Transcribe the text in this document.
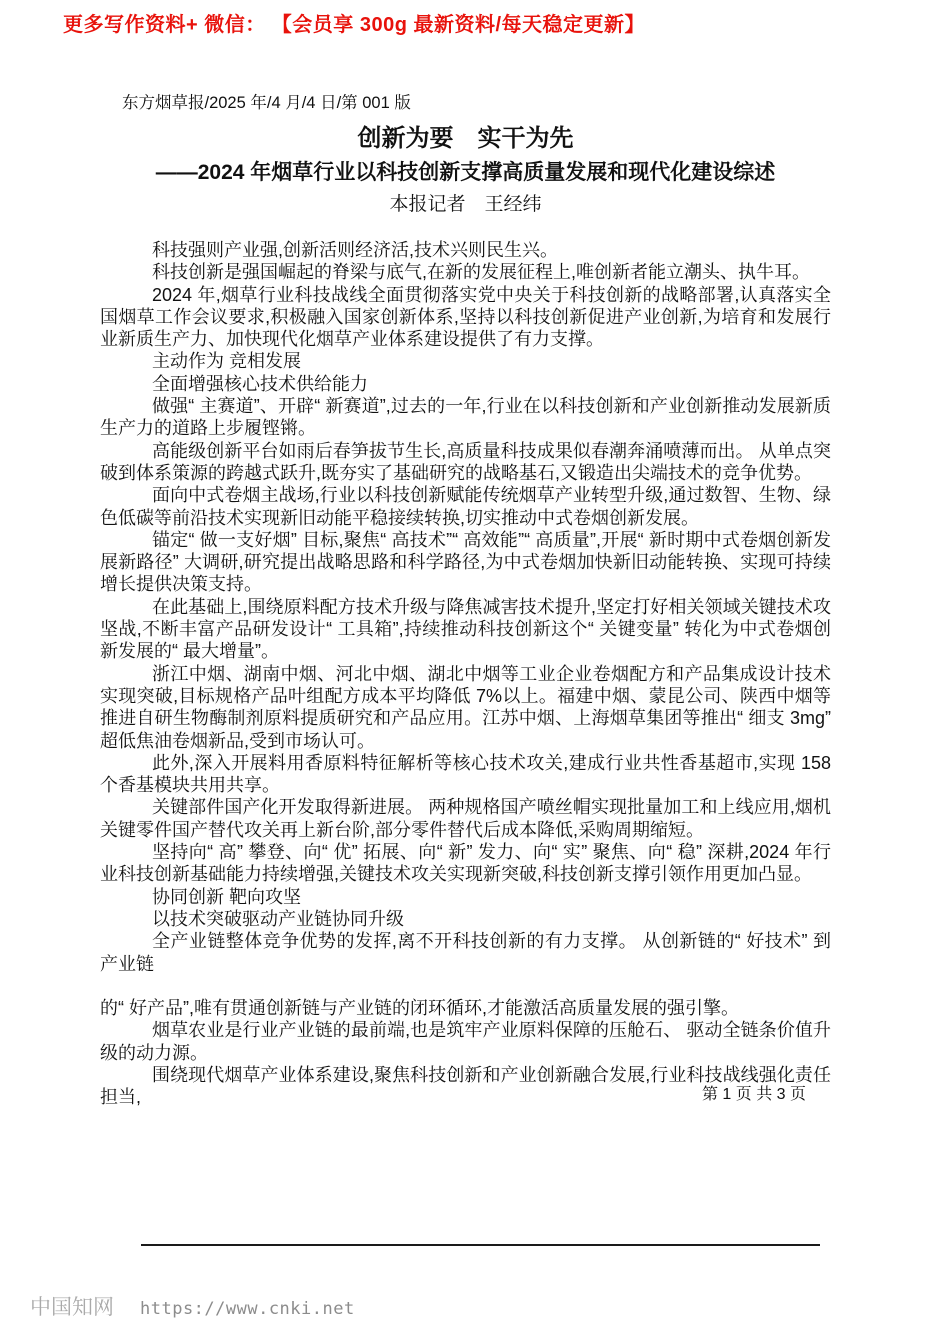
更多写作资料+ 微信： 【会员享 300g 最新资料/每天稳定更新】
东方烟草报/2025 年/4 月/4 日/第 001 版
创新为要　实干为先
——2024 年烟草行业以科技创新支撑高质量发展和现代化建设综述
本报记者　王经纬

科技强则产业强,创新活则经济活,技术兴则民生兴。

科技创新是强国崛起的脊梁与底气,在新的发展征程上,唯创新者能立潮头、执牛耳。

2024 年,烟草行业科技战线全面贯彻落实党中央关于科技创新的战略部署,认真落实全国烟草工作会议要求,积极融入国家创新体系,坚持以科技创新促进产业创新,为培育和发展行业新质生产力、加快现代化烟草产业体系建设提供了有力支撑。

主动作为 竞相发展

全面增强核心技术供给能力

做强“ 主赛道”、开辟“ 新赛道”,过去的一年,行业在以科技创新和产业创新推动发展新质生产力的道路上步履铿锵。

高能级创新平台如雨后春笋拔节生长,高质量科技成果似春潮奔涌喷薄而出。 从单点突破到体系策源的跨越式跃升,既夯实了基础研究的战略基石,又锻造出尖端技术的竞争优势。

面向中式卷烟主战场,行业以科技创新赋能传统烟草产业转型升级,通过数智、生物、绿色低碳等前沿技术实现新旧动能平稳接续转换,切实推动中式卷烟创新发展。

锚定“ 做一支好烟” 目标,聚焦“ 高技术”“ 高效能”“ 高质量”,开展“ 新时期中式卷烟创新发展新路径” 大调研,研究提出战略思路和科学路径,为中式卷烟加快新旧动能转换、实现可持续增长提供决策支持。

在此基础上,围绕原料配方技术升级与降焦减害技术提升,坚定打好相关领域关键技术攻坚战,不断丰富产品研发设计“ 工具箱”,持续推动科技创新这个“ 关键变量” 转化为中式卷烟创新发展的“ 最大增量”。

浙江中烟、湖南中烟、河北中烟、湖北中烟等工业企业卷烟配方和产品集成设计技术实现突破,目标规格产品叶组配方成本平均降低 7%以上。福建中烟、蒙昆公司、陕西中烟等推进自研生物酶制剂原料提质研究和产品应用。江苏中烟、上海烟草集团等推出“ 细支 3mg” 超低焦油卷烟新品,受到市场认可。

此外,深入开展料用香原料特征解析等核心技术攻关,建成行业共性香基超市,实现 158 个香基模块共用共享。

关键部件国产化开发取得新进展。 两种规格国产喷丝帽实现批量加工和上线应用,烟机关键零件国产替代攻关再上新台阶,部分零件替代后成本降低,采购周期缩短。

坚持向“ 高” 攀登、向“ 优” 拓展、向“ 新” 发力、向“ 实” 聚焦、向“ 稳” 深耕,2024 年行业科技创新基础能力持续增强,关键技术攻关实现新突破,科技创新支撑引领作用更加凸显。

协同创新 靶向攻坚

以技术突破驱动产业链协同升级

全产业链整体竞争优势的发挥,离不开科技创新的有力支撑。 从创新链的“ 好技术” 到产业链

的“ 好产品”,唯有贯通创新链与产业链的闭环循环,才能激活高质量发展的强引擎。

烟草农业是行业产业链的最前端,也是筑牢产业原料保障的压舱石、 驱动全链条价值升级的动力源。

围绕现代烟草产业体系建设,聚焦科技创新和产业创新融合发展,行业科技战线强化责任担当,	第 1 页 共 3 页
中国知网 https://www.cnki.net
